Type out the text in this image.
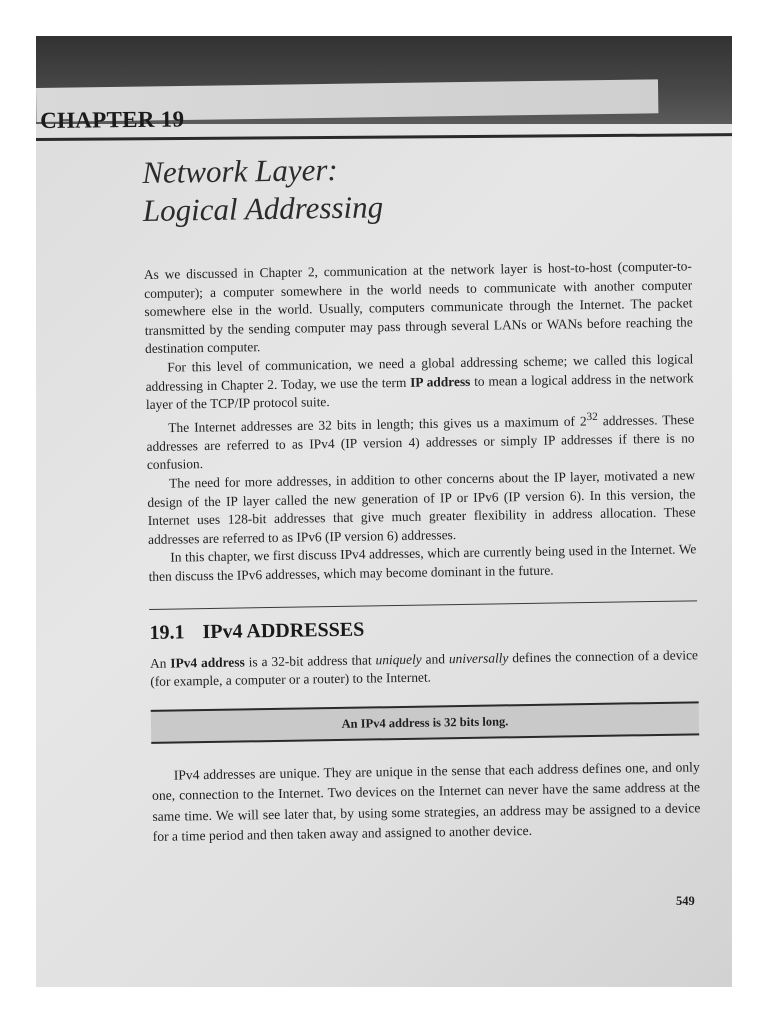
CHAPTER 19
Network Layer:
Logical Addressing

As we discussed in Chapter 2, communication at the network layer is host-to-host (computer-to-computer); a computer somewhere in the world needs to communicate with another computer somewhere else in the world. Usually, computers communicate through the Internet. The packet transmitted by the sending computer may pass through several LANs or WANs before reaching the destination computer.

For this level of communication, we need a global addressing scheme; we called this logical addressing in Chapter 2. Today, we use the term IP address to mean a logical address in the network layer of the TCP/IP protocol suite.

The Internet addresses are 32 bits in length; this gives us a maximum of $2^{32}$ addresses. These addresses are referred to as IPv4 (IP version 4) addresses or simply IP addresses if there is no confusion.

The need for more addresses, in addition to other concerns about the IP layer, motivated a new design of the IP layer called the new generation of IP or IPv6 (IP version 6). In this version, the Internet uses 128-bit addresses that give much greater flexibility in address allocation. These addresses are referred to as IPv6 (IP version 6) addresses.

In this chapter, we first discuss IPv4 addresses, which are currently being used in the Internet. We then discuss the IPv6 addresses, which may become dominant in the future.

19.1 IPv4 ADDRESSES

An IPv4 address is a 32-bit address that uniquely and universally defines the connection of a device (for example, a computer or a router) to the Internet.

An IPv4 address is 32 bits long.

IPv4 addresses are unique. They are unique in the sense that each address defines one, and only one, connection to the Internet. Two devices on the Internet can never have the same address at the same time. We will see later that, by using some strategies, an address may be assigned to a device for a time period and then taken away and assigned to another device.

549
